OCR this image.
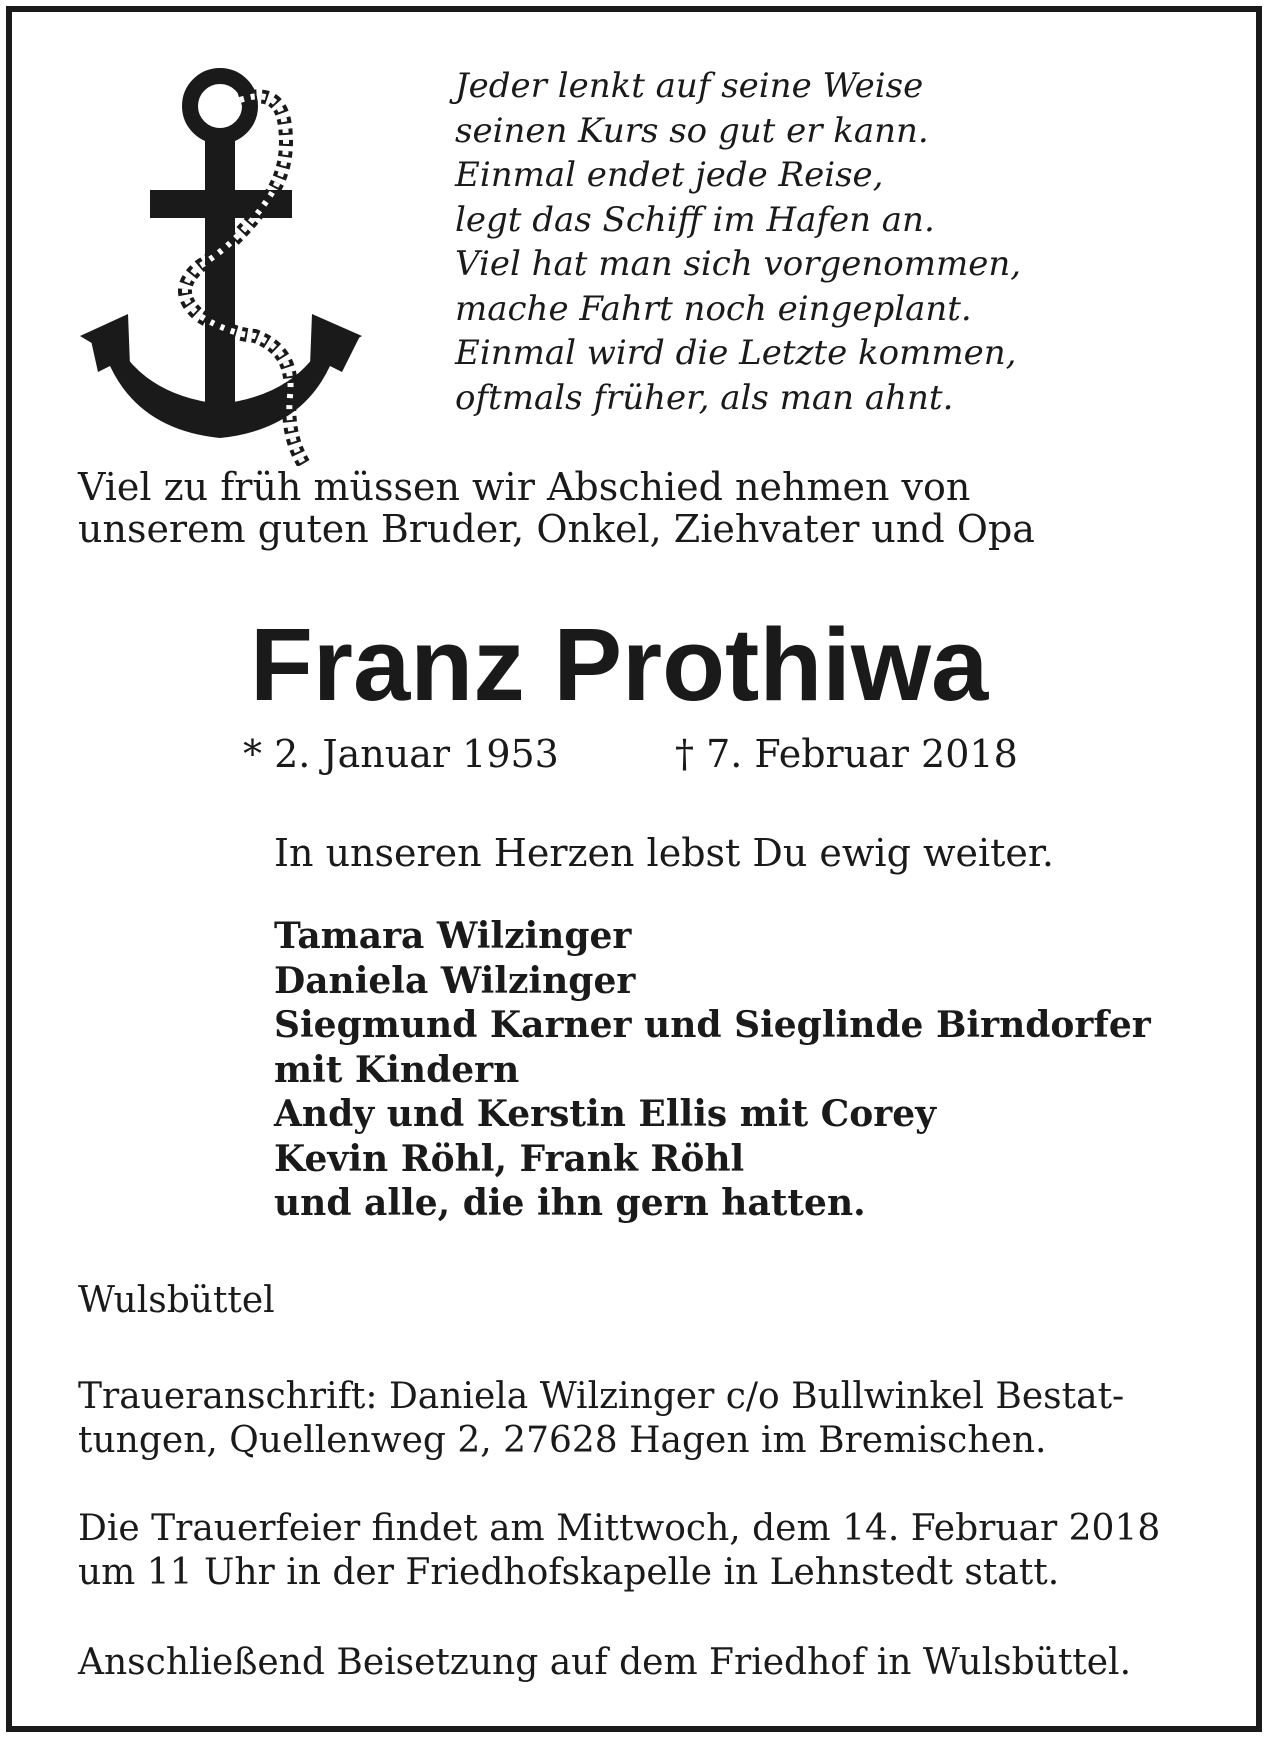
Jeder lenkt auf seine Weise
seinen Kurs so gut er kann.
Einmal endet jede Reise,
legt das Schiff im Hafen an.
Viel hat man sich vorgenommen,
mache Fahrt noch eingeplant.
Einmal wird die Letzte kommen,
oftmals früher, als man ahnt.
Viel zu früh müssen wir Abschied nehmen von
unserem guten Bruder, Onkel, Ziehvater und Opa
Franz Prothiwa
* 2. Januar 1953	† 7. Februar 2018
In unseren Herzen lebst Du ewig weiter.
Tamara Wilzinger
Daniela Wilzinger
Siegmund Karner und Sieglinde Birndorfer
mit Kindern
Andy und Kerstin Ellis mit Corey
Kevin Röhl, Frank Röhl
und alle, die ihn gern hatten.
Wulsbüttel
Traueranschrift: Daniela Wilzinger c/o Bullwinkel Bestat-
tungen, Quellenweg 2, 27628 Hagen im Bremischen.
Die Trauerfeier findet am Mittwoch, dem 14. Februar 2018
um 11 Uhr in der Friedhofskapelle in Lehnstedt statt.
Anschließend Beisetzung auf dem Friedhof in Wulsbüttel.
